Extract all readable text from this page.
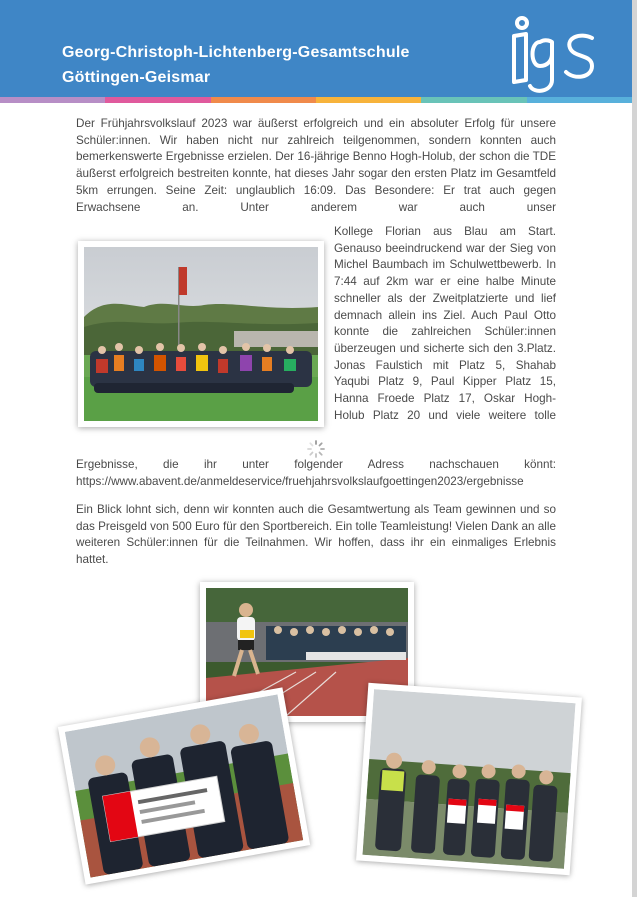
Georg-Christoph-Lichtenberg-Gesamtschule
Göttingen-Geismar

Der Frühjahrsvolkslauf 2023 war äußerst erfolgreich und ein absoluter Erfolg für unsere Schüler:innen. Wir haben nicht nur zahlreich teilgenommen, sondern konnten auch bemerkenswerte Ergebnisse erzielen. Der 16-jährige Benno Hogh-Holub, der schon die TDE äußerst erfolgreich bestreiten konnte, hat dieses Jahr sogar den ersten Platz im Gesamtfeld 5km errungen. Seine Zeit: unglaublich 16:09. Das Besondere: Er trat auch gegen Erwachsene an. Unter anderem war auch unser

Kollege Florian aus Blau am Start. Genauso beeindruckend war der Sieg von Michel Baumbach im Schulwettbewerb. In 7:44 auf 2km war er eine halbe Minute schneller als der Zweitplatzierte und lief demnach allein ins Ziel. Auch Paul Otto konnte die zahlreichen Schüler:innen überzeugen und sicherte sich den 3.Platz. Jonas Faulstich mit Platz 5, Shahab Yaqubi Platz 9, Paul Kipper Platz 15, Hanna Froede Platz 17, Oskar Hogh-Holub Platz 20 und viele weitere tolle

Ergebnisse, die ihr unter folgender Adress nachschauen könnt: https://www.abavent.de/anmeldeservice/fruehjahrsvolkslaufgoettingen2023/ergebnisse

Ein Blick lohnt sich, denn wir konnten auch die Gesamtwertung als Team gewinnen und so das Preisgeld von 500 Euro für den Sportbereich. Ein tolle Teamleistung! Vielen Dank an alle weiteren Schüler:innen für die Teilnahmen. Wir hoffen, dass ihr ein einmaliges Erlebnis hattet.
